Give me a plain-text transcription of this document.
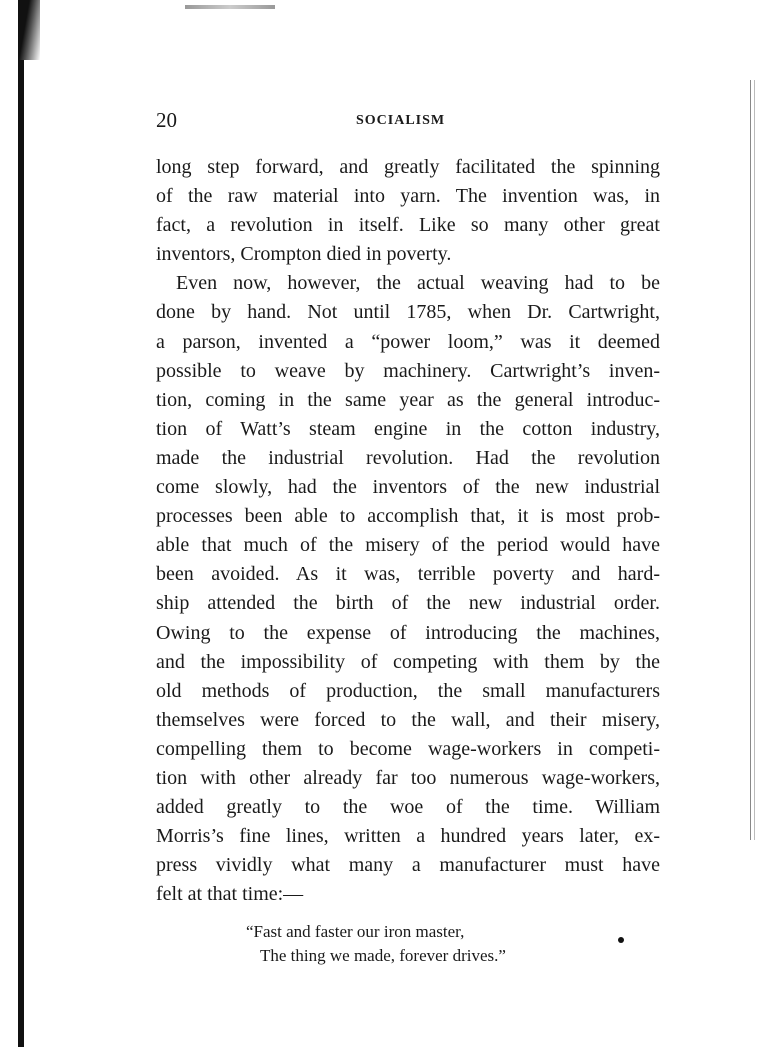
20	SOCIALISM
long step forward, and greatly facilitated the spinning
of the raw material into yarn. The invention was, in
fact, a revolution in itself. Like so many other great
inventors, Crompton died in poverty.
Even now, however, the actual weaving had to be
done by hand. Not until 1785, when Dr. Cartwright,
a parson, invented a “power loom,” was it deemed
possible to weave by machinery. Cartwright’s inven-
tion, coming in the same year as the general introduc-
tion of Watt’s steam engine in the cotton industry,
made the industrial revolution. Had the revolution
come slowly, had the inventors of the new industrial
processes been able to accomplish that, it is most prob-
able that much of the misery of the period would have
been avoided. As it was, terrible poverty and hard-
ship attended the birth of the new industrial order.
Owing to the expense of introducing the machines,
and the impossibility of competing with them by the
old methods of production, the small manufacturers
themselves were forced to the wall, and their misery,
compelling them to become wage-workers in competi-
tion with other already far too numerous wage-workers,
added greatly to the woe of the time. William
Morris’s fine lines, written a hundred years later, ex-
press vividly what many a manufacturer must have
felt at that time:—
“Fast and faster our iron master,
The thing we made, forever drives.”
